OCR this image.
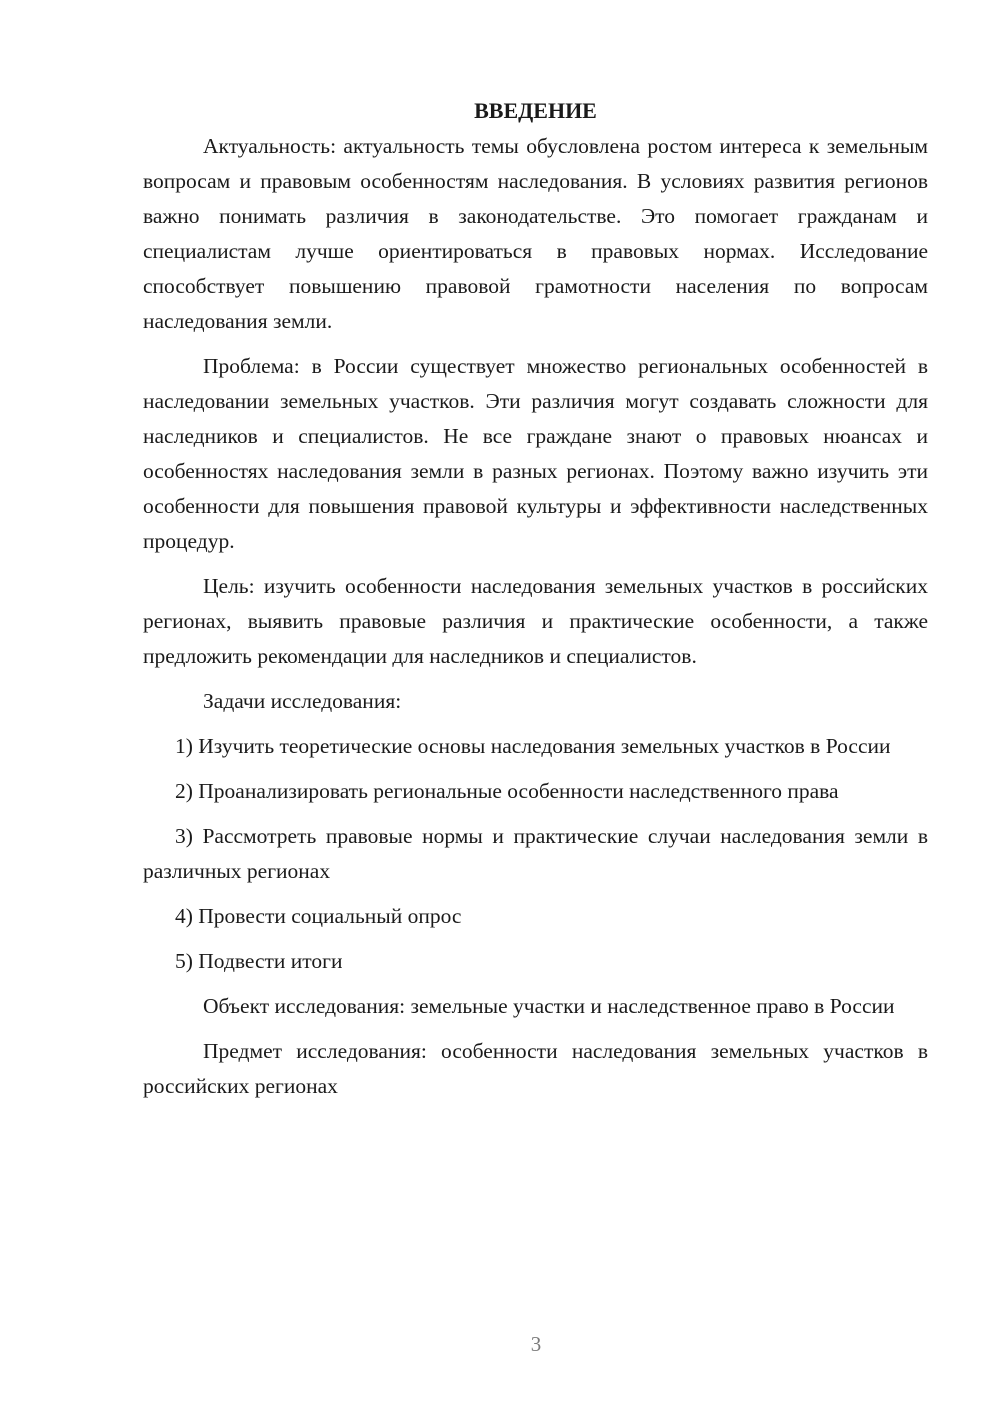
ВВЕДЕНИЕ

Актуальность: актуальность темы обусловлена ростом интереса к земельным вопросам и правовым особенностям наследования. В условиях развития регионов важно понимать различия в законодательстве. Это помогает гражданам и специалистам лучше ориентироваться в правовых нормах. Исследование способствует повышению правовой грамотности населения по вопросам наследования земли.

Проблема: в России существует множество региональных особенностей в наследовании земельных участков. Эти различия могут создавать сложности для наследников и специалистов. Не все граждане знают о правовых нюансах и особенностях наследования земли в разных регионах. Поэтому важно изучить эти особенности для повышения правовой культуры и эффективности наследственных процедур.

Цель: изучить особенности наследования земельных участков в российских регионах, выявить правовые различия и практические особенности, а также предложить рекомендации для наследников и специалистов.

Задачи исследования:

1) Изучить теоретические основы наследования земельных участков в России

2) Проанализировать региональные особенности наследственного права

3) Рассмотреть правовые нормы и практические случаи наследования земли в различных регионах

4) Провести социальный опрос

5) Подвести итоги

Объект исследования: земельные участки и наследственное право в России

Предмет исследования: особенности наследования земельных участков в российских регионах

3
